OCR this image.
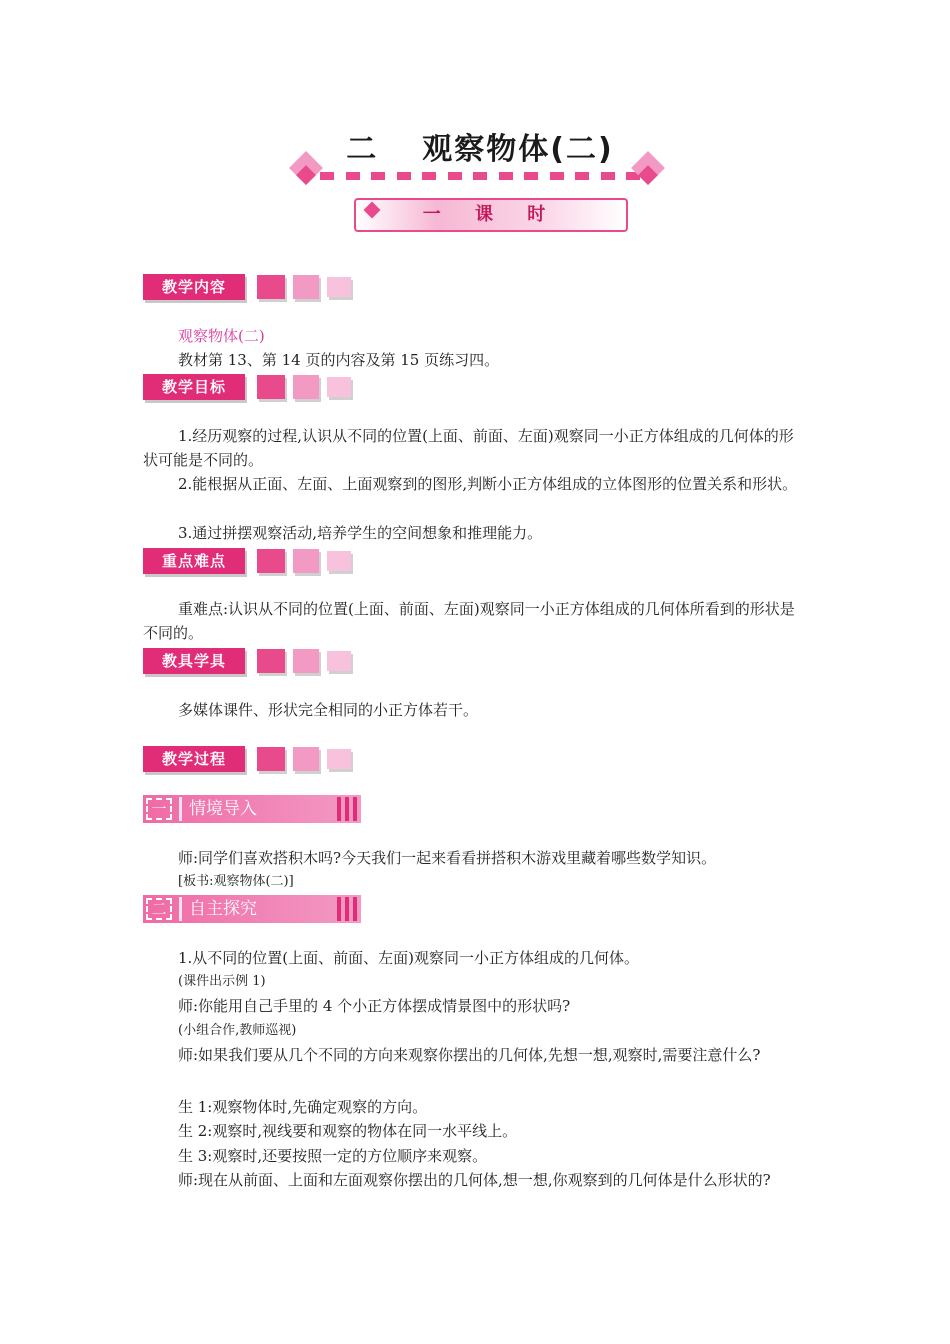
二 观察物体(二)
一 课 时
教学内容
观察物体(二)
教材第 13、第 14 页的内容及第 15 页练习四。
教学目标
1.经历观察的过程,认识从不同的位置(上面、前面、左面)观察同一小正方体组成的几何体的形状可能是不同的。
2.能根据从正面、左面、上面观察到的图形,判断小正方体组成的立体图形的位置关系和形状。
3.通过拼摆观察活动,培养学生的空间想象和推理能力。
重点难点
重难点:认识从不同的位置(上面、前面、左面)观察同一小正方体组成的几何体所看到的形状是不同的。
教具学具
多媒体课件、形状完全相同的小正方体若干。
教学过程
一	情境导入
师:同学们喜欢搭积木吗?今天我们一起来看看拼搭积木游戏里藏着哪些数学知识。
[板书:观察物体(二)]
二	自主探究
1.从不同的位置(上面、前面、左面)观察同一小正方体组成的几何体。
(课件出示例 1)
师:你能用自己手里的 4 个小正方体摆成情景图中的形状吗?
(小组合作,教师巡视)
师:如果我们要从几个不同的方向来观察你摆出的几何体,先想一想,观察时,需要注意什么?
生 1:观察物体时,先确定观察的方向。
生 2:观察时,视线要和观察的物体在同一水平线上。
生 3:观察时,还要按照一定的方位顺序来观察。
师:现在从前面、上面和左面观察你摆出的几何体,想一想,你观察到的几何体是什么形状的?
